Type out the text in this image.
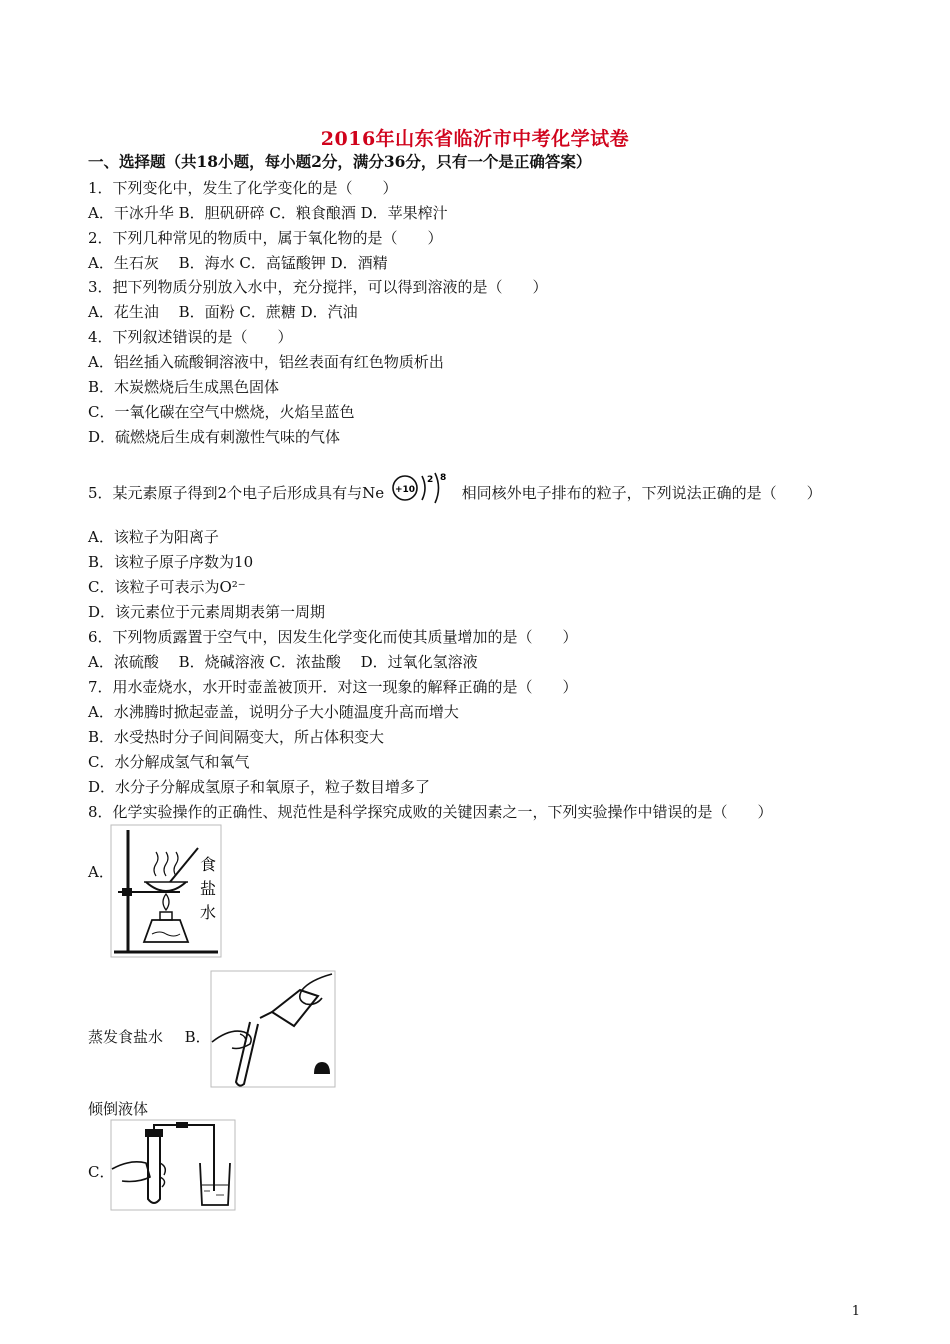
2016年山东省临沂市中考化学试卷
一、选择题（共18小题，每小题2分，满分36分，只有一个是正确答案）
1．下列变化中，发生了化学变化的是（　　）
A．干冰升华 B．胆矾研碎 C．粮食酿酒 D．苹果榨汁
2．下列几种常见的物质中，属于氧化物的是（　　）
A．生石灰　 B．海水 C．高锰酸钾 D．酒精
3．把下列物质分别放入水中，充分搅拌，可以得到溶液的是（　　）
A．花生油　 B．面粉 C．蔗糖 D．汽油
4．下列叙述错误的是（　　）
A．铝丝插入硫酸铜溶液中，铝丝表面有红色物质析出
B．木炭燃烧后生成黑色固体
C．一氧化碳在空气中燃烧，火焰呈蓝色
D．硫燃烧后生成有刺激性气味的气体
5．某元素原子得到2个电子后形成具有与Ne +10
2 8
相同核外电子排布的粒子，下列说法正确的是（　　）
A．该粒子为阳离子
B．该粒子原子序数为10
C．该粒子可表示为O²⁻
D．该元素位于元素周期表第一周期
6．下列物质露置于空气中，因发生化学变化而使其质量增加的是（　　）
A．浓硫酸　 B．烧碱溶液 C．浓盐酸　 D．过氧化氢溶液
7．用水壶烧水，水开时壶盖被顶开．对这一现象的解释正确的是（　　）
A．水沸腾时掀起壶盖，说明分子大小随温度升高而增大
B．水受热时分子间间隔变大，所占体积变大
C．水分解成氢气和氧气
D．水分子分解成氢原子和氧原子，粒子数目增多了
8．化学实验操作的正确性、规范性是科学探究成败的关键因素之一，下列实验操作中错误的是（　　）
A．	食
盐
水
蒸发食盐水 B．
倾倒液体
C．
1
